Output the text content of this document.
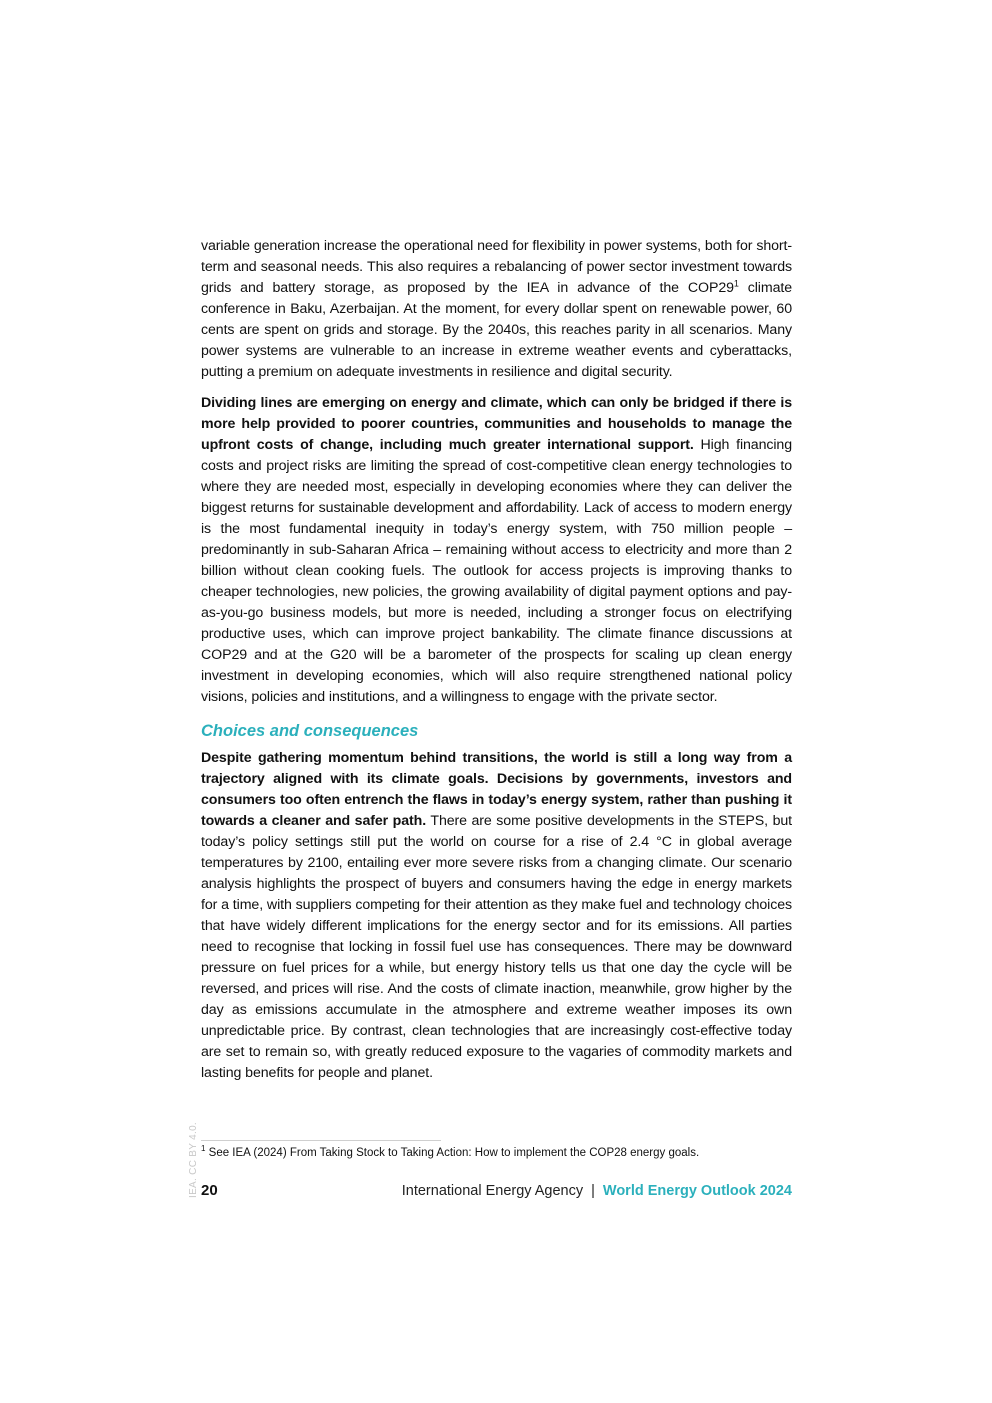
variable generation increase the operational need for flexibility in power systems, both for short-term and seasonal needs. This also requires a rebalancing of power sector investment towards grids and battery storage, as proposed by the IEA in advance of the COP29$^1$ climate conference in Baku, Azerbaijan. At the moment, for every dollar spent on renewable power, 60 cents are spent on grids and storage. By the 2040s, this reaches parity in all scenarios. Many power systems are vulnerable to an increase in extreme weather events and cyberattacks, putting a premium on adequate investments in resilience and digital security.

Dividing lines are emerging on energy and climate, which can only be bridged if there is more help provided to poorer countries, communities and households to manage the upfront costs of change, including much greater international support. High financing costs and project risks are limiting the spread of cost-competitive clean energy technologies to where they are needed most, especially in developing economies where they can deliver the biggest returns for sustainable development and affordability. Lack of access to modern energy is the most fundamental inequity in today’s energy system, with 750 million people – predominantly in sub-Saharan Africa – remaining without access to electricity and more than 2 billion without clean cooking fuels. The outlook for access projects is improving thanks to cheaper technologies, new policies, the growing availability of digital payment options and pay-as-you-go business models, but more is needed, including a stronger focus on electrifying productive uses, which can improve project bankability. The climate finance discussions at COP29 and at the G20 will be a barometer of the prospects for scaling up clean energy investment in developing economies, which will also require strengthened national policy visions, policies and institutions, and a willingness to engage with the private sector.

Choices and consequences

Despite gathering momentum behind transitions, the world is still a long way from a trajectory aligned with its climate goals. Decisions by governments, investors and consumers too often entrench the flaws in today’s energy system, rather than pushing it towards a cleaner and safer path. There are some positive developments in the STEPS, but today’s policy settings still put the world on course for a rise of 2.4 °C in global average temperatures by 2100, entailing ever more severe risks from a changing climate. Our scenario analysis highlights the prospect of buyers and consumers having the edge in energy markets for a time, with suppliers competing for their attention as they make fuel and technology choices that have widely different implications for the energy sector and for its emissions. All parties need to recognise that locking in fossil fuel use has consequences. There may be downward pressure on fuel prices for a while, but energy history tells us that one day the cycle will be reversed, and prices will rise. And the costs of climate inaction, meanwhile, grow higher by the day as emissions accumulate in the atmosphere and extreme weather imposes its own unpredictable price. By contrast, clean technologies that are increasingly cost-effective today are set to remain so, with greatly reduced exposure to the vagaries of commodity markets and lasting benefits for people and planet.

$^1$ See IEA (2024) From Taking Stock to Taking Action: How to implement the COP28 energy goals.
IEA. CC BY 4.0. 20	International Energy Agency | World Energy Outlook 2024
